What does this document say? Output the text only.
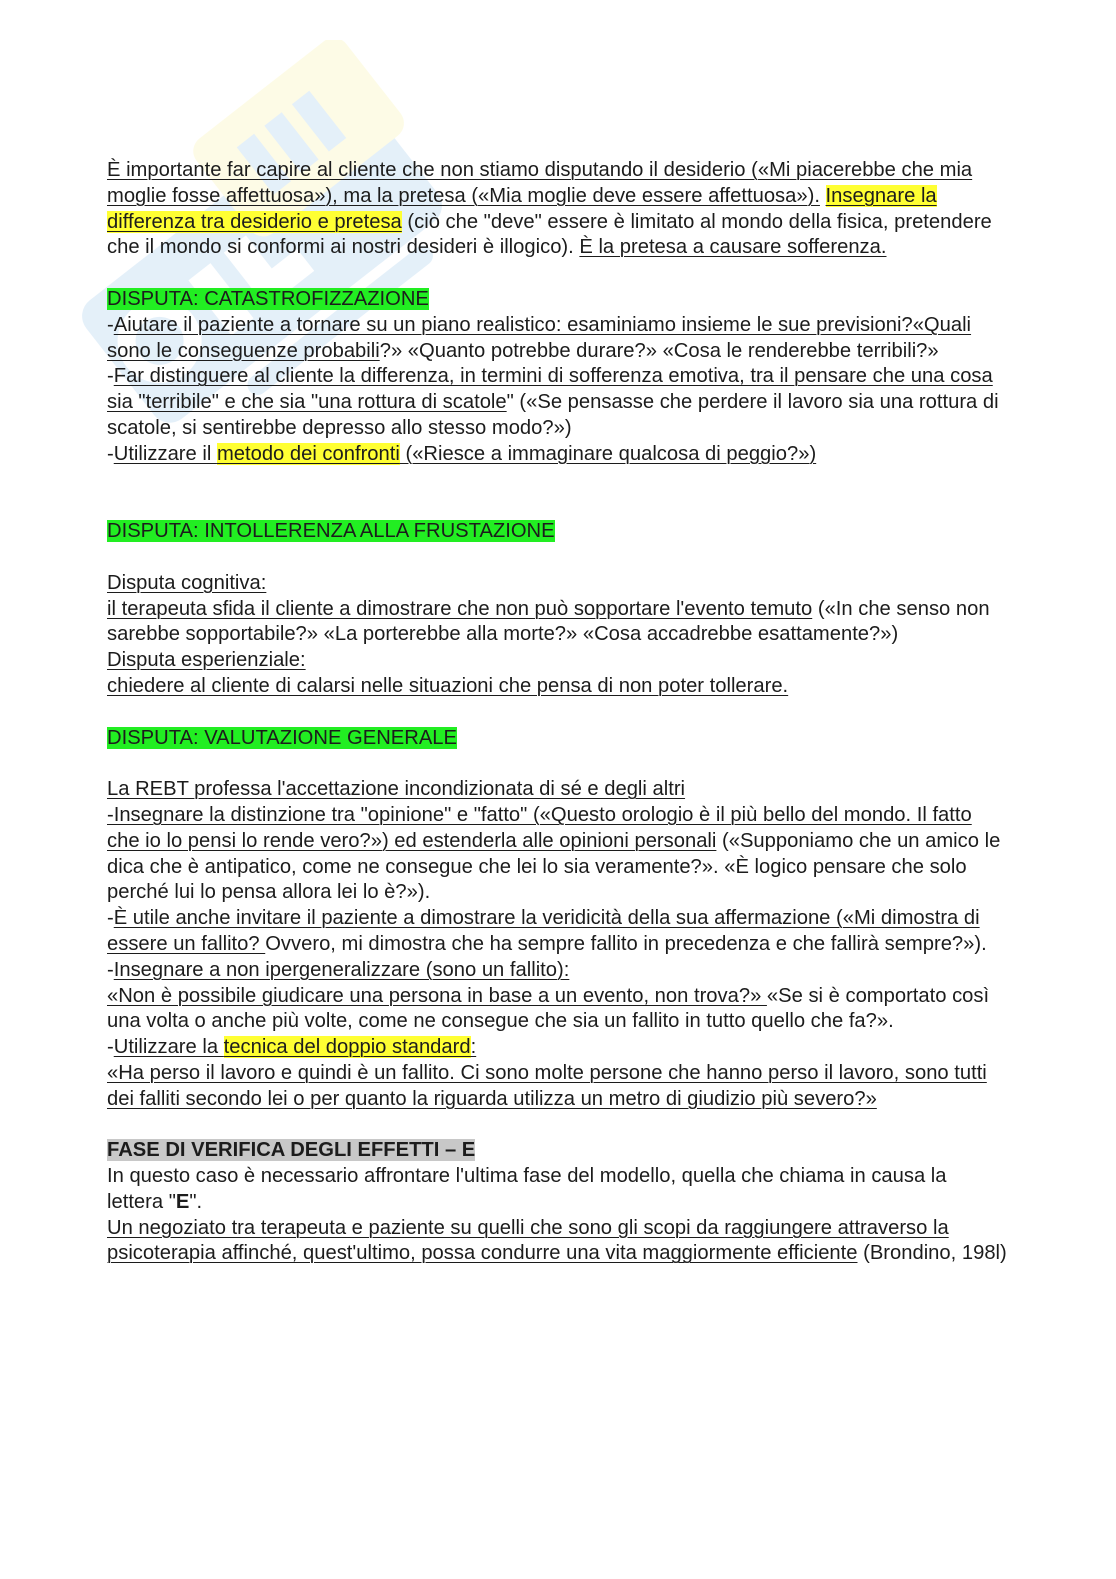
È importante far capire al cliente che non stiamo disputando il desiderio («Mi piacerebbe che mia moglie fosse affettuosa»), ma la pretesa («Mia moglie deve essere affettuosa»). Insegnare la differenza tra desiderio e pretesa (ciò che "deve" essere è limitato al mondo della fisica, pretendere che il mondo si conformi ai nostri desideri è illogico). È la pretesa a causare sofferenza.

DISPUTA: CATASTROFIZZAZIONE

-Aiutare il paziente a tornare su un piano realistico: esaminiamo insieme le sue previsioni?«Quali sono le conseguenze probabili?» «Quanto potrebbe durare?» «Cosa le renderebbe terribili?»

-Far distinguere al cliente la differenza, in termini di sofferenza emotiva, tra il pensare che una cosa sia "terribile" e che sia "una rottura di scatole" («Se pensasse che perdere il lavoro sia una rottura di scatole, si sentirebbe depresso allo stesso modo?»)

-Utilizzare il metodo dei confronti («Riesce a immaginare qualcosa di peggio?»)

DISPUTA: INTOLLERENZA ALLA FRUSTAZIONE

Disputa cognitiva:

il terapeuta sfida il cliente a dimostrare che non può sopportare l'evento temuto («In che senso non sarebbe sopportabile?» «La porterebbe alla morte?» «Cosa accadrebbe esattamente?»)

Disputa esperienziale:

chiedere al cliente di calarsi nelle situazioni che pensa di non poter tollerare.

DISPUTA: VALUTAZIONE GENERALE

La REBT professa l'accettazione incondizionata di sé e degli altri

-Insegnare la distinzione tra "opinione" e "fatto" («Questo orologio è il più bello del mondo. Il fatto che io lo pensi lo rende vero?») ed estenderla alle opinioni personali («Supponiamo che un amico le dica che è antipatico, come ne consegue che lei lo sia veramente?». «È logico pensare che solo perché lui lo pensa allora lei lo è?»).

-È utile anche invitare il paziente a dimostrare la veridicità della sua affermazione («Mi dimostra di essere un fallito? Ovvero, mi dimostra che ha sempre fallito in precedenza e che fallirà sempre?»).

-Insegnare a non ipergeneralizzare (sono un fallito):

«Non è possibile giudicare una persona in base a un evento, non trova?» «Se si è comportato così una volta o anche più volte, come ne consegue che sia un fallito in tutto quello che fa?».

-Utilizzare la tecnica del doppio standard:

«Ha perso il lavoro e quindi è un fallito. Ci sono molte persone che hanno perso il lavoro, sono tutti dei falliti secondo lei o per quanto la riguarda utilizza un metro di giudizio più severo?»

FASE DI VERIFICA DEGLI EFFETTI – E

In questo caso è necessario affrontare l'ultima fase del modello, quella che chiama in causa la lettera "E".

Un negoziato tra terapeuta e paziente su quelli che sono gli scopi da raggiungere attraverso la psicoterapia affinché, quest'ultimo, possa condurre una vita maggiormente efficiente (Brondino, 198l)
